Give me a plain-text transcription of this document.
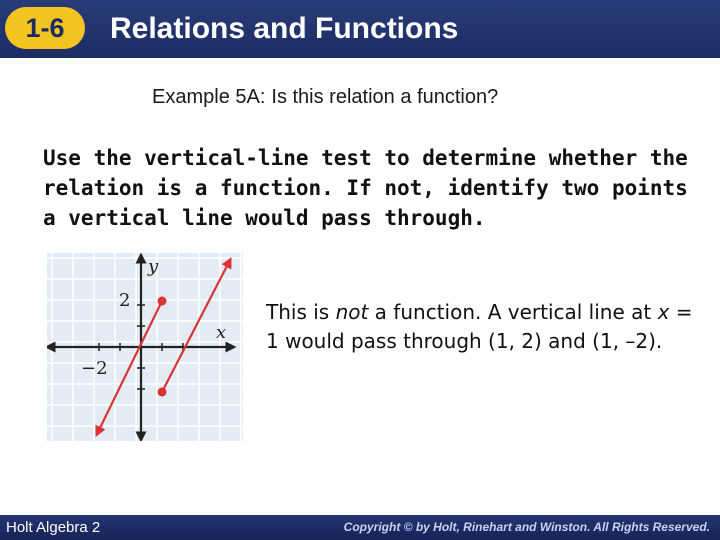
1-6	Relations and Functions
Example 5A: Is this relation a function?
Use the vertical-line test to determine whether the relation is a function. If not, identify two points a vertical line would pass through.
y
x
2
−2
This is not a function. A vertical line at x = 1 would pass through (1, 2) and (1, –2).
Holt Algebra 2	Copyright © by Holt, Rinehart and Winston. All Rights Reserved.
